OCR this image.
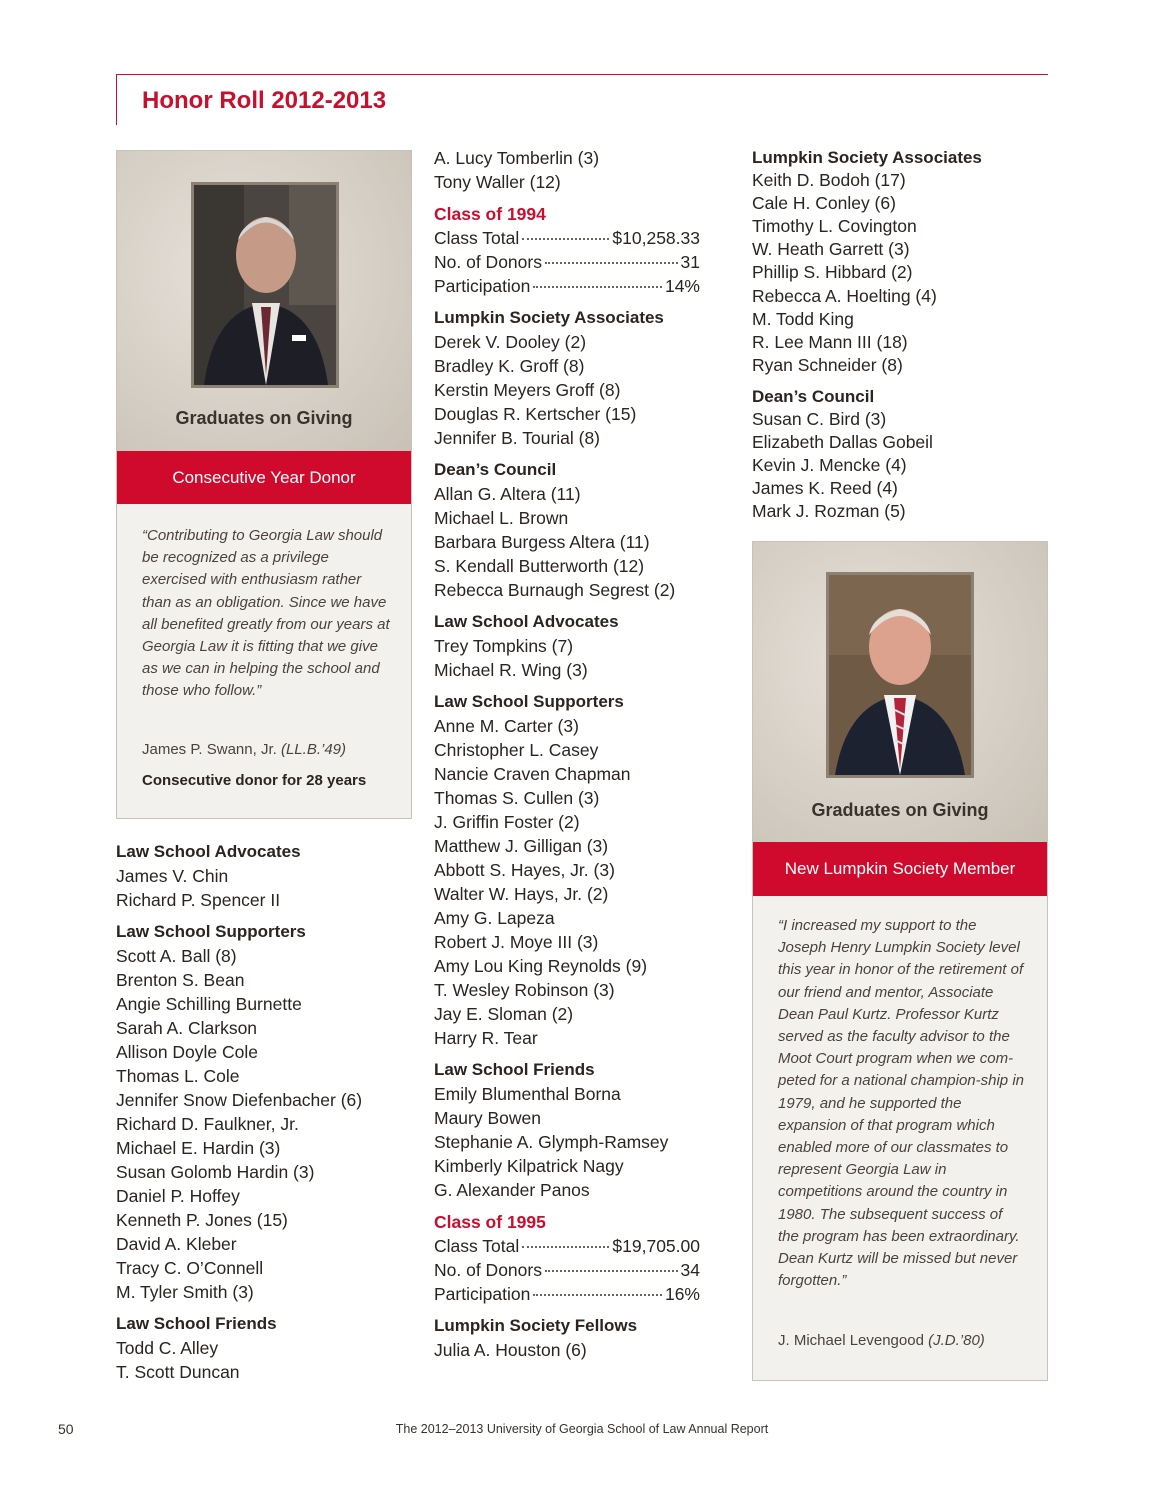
Honor Roll 2012-2013
Graduates on Giving
Consecutive Year Donor

“Contributing to Georgia Law should be recognized as a privilege exercised with enthusiasm rather than as an obligation. Since we have all benefited greatly from our years at Georgia Law it is fitting that we give as we can in helping the school and those who follow.”

James P. Swann, Jr. (LL.B.’49)
Consecutive donor for 28 years
Law School Advocates
James V. Chin
Richard P. Spencer II
Law School Supporters
Scott A. Ball (8)
Brenton S. Bean
Angie Schilling Burnette
Sarah A. Clarkson
Allison Doyle Cole
Thomas L. Cole
Jennifer Snow Diefenbacher (6)
Richard D. Faulkner, Jr.
Michael E. Hardin (3)
Susan Golomb Hardin (3)
Daniel P. Hoffey
Kenneth P. Jones (15)
David A. Kleber
Tracy C. O’Connell
M. Tyler Smith (3)
Law School Friends
Todd C. Alley
T. Scott Duncan
A. Lucy Tomberlin (3)
Tony Waller (12)
Class of 1994
Class Total	$10,258.33
No. of Donors	31
Participation	14%
Lumpkin Society Associates
Derek V. Dooley (2)
Bradley K. Groff (8)
Kerstin Meyers Groff (8)
Douglas R. Kertscher (15)
Jennifer B. Tourial (8)
Dean’s Council
Allan G. Altera (11)
Michael L. Brown
Barbara Burgess Altera (11)
S. Kendall Butterworth (12)
Rebecca Burnaugh Segrest (2)
Law School Advocates
Trey Tompkins (7)
Michael R. Wing (3)
Law School Supporters
Anne M. Carter (3)
Christopher L. Casey
Nancie Craven Chapman
Thomas S. Cullen (3)
J. Griffin Foster (2)
Matthew J. Gilligan (3)
Abbott S. Hayes, Jr. (3)
Walter W. Hays, Jr. (2)
Amy G. Lapeza
Robert J. Moye III (3)
Amy Lou King Reynolds (9)
T. Wesley Robinson (3)
Jay E. Sloman (2)
Harry R. Tear
Law School Friends
Emily Blumenthal Borna
Maury Bowen
Stephanie A. Glymph-Ramsey
Kimberly Kilpatrick Nagy
G. Alexander Panos
Class of 1995
Class Total	$19,705.00
No. of Donors	34
Participation	16%
Lumpkin Society Fellows
Julia A. Houston (6)
Lumpkin Society Associates
Keith D. Bodoh (17)
Cale H. Conley (6)
Timothy L. Covington
W. Heath Garrett (3)
Phillip S. Hibbard (2)
Rebecca A. Hoelting (4)
M. Todd King
R. Lee Mann III (18)
Ryan Schneider (8)
Dean’s Council
Susan C. Bird (3)
Elizabeth Dallas Gobeil
Kevin J. Mencke (4)
James K. Reed (4)
Mark J. Rozman (5)
Graduates on Giving
New Lumpkin Society Member

“I increased my support to the Joseph Henry Lumpkin Society level this year in honor of the retirement of our friend and mentor, Associate Dean Paul Kurtz. Professor Kurtz served as the faculty advisor to the Moot Court program when we com-peted for a national champion-ship in 1979, and he supported the expansion of that program which enabled more of our classmates to represent Georgia Law in competitions around the country in 1980. The subsequent success of the program has been extraordinary. Dean Kurtz will be missed but never forgotten.”

J. Michael Levengood (J.D.’80)
50	The 2012–2013 University of Georgia School of Law Annual Report
